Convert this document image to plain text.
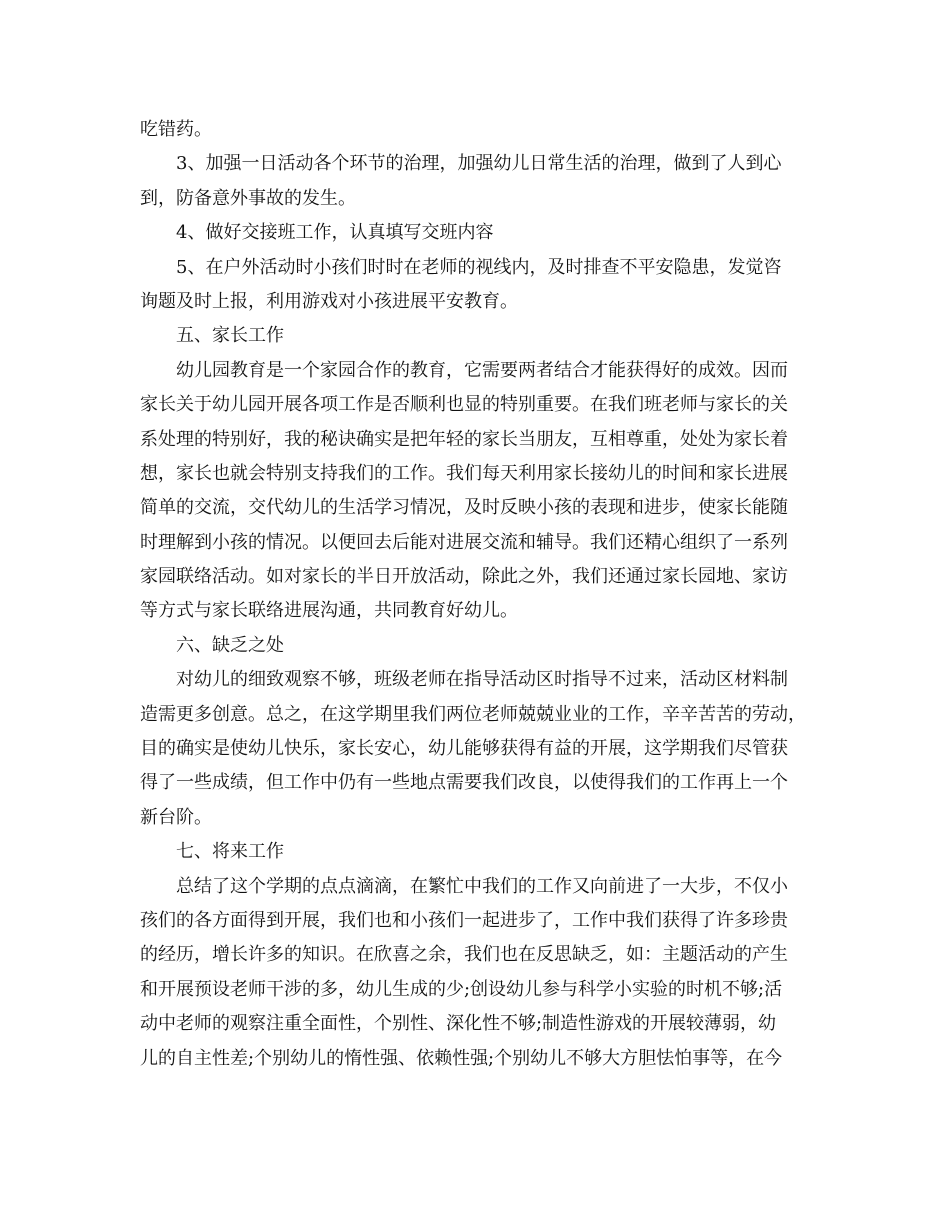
吃错药。
3、加强一日活动各个环节的治理，加强幼儿日常生活的治理，做到了人到心
到，防备意外事故的发生。
4、做好交接班工作，认真填写交班内容
5、在户外活动时小孩们时时在老师的视线内，及时排查不平安隐患，发觉咨
询题及时上报，利用游戏对小孩进展平安教育。
五、家长工作
幼儿园教育是一个家园合作的教育，它需要两者结合才能获得好的成效。因而
家长关于幼儿园开展各项工作是否顺利也显的特别重要。在我们班老师与家长的关
系处理的特别好，我的秘诀确实是把年轻的家长当朋友，互相尊重，处处为家长着
想，家长也就会特别支持我们的工作。我们每天利用家长接幼儿的时间和家长进展
简单的交流，交代幼儿的生活学习情况，及时反映小孩的表现和进步，使家长能随
时理解到小孩的情况。以便回去后能对进展交流和辅导。我们还精心组织了一系列
家园联络活动。如对家长的半日开放活动，除此之外，我们还通过家长园地、家访
等方式与家长联络进展沟通，共同教育好幼儿。
六、缺乏之处
对幼儿的细致观察不够，班级老师在指导活动区时指导不过来，活动区材料制
造需更多创意。总之，在这学期里我们两位老师兢兢业业的工作，辛辛苦苦的劳动，
目的确实是使幼儿快乐，家长安心，幼儿能够获得有益的开展，这学期我们尽管获
得了一些成绩，但工作中仍有一些地点需要我们改良，以使得我们的工作再上一个
新台阶。
七、将来工作
总结了这个学期的点点滴滴，在繁忙中我们的工作又向前进了一大步，不仅小
孩们的各方面得到开展，我们也和小孩们一起进步了，工作中我们获得了许多珍贵
的经历，增长许多的知识。在欣喜之余，我们也在反思缺乏，如：主题活动的产生
和开展预设老师干涉的多，幼儿生成的少;创设幼儿参与科学小实验的时机不够;活
动中老师的观察注重全面性，个别性、深化性不够;制造性游戏的开展较薄弱，幼
儿的自主性差;个别幼儿的惰性强、依赖性强;个别幼儿不够大方胆怯怕事等，在今
